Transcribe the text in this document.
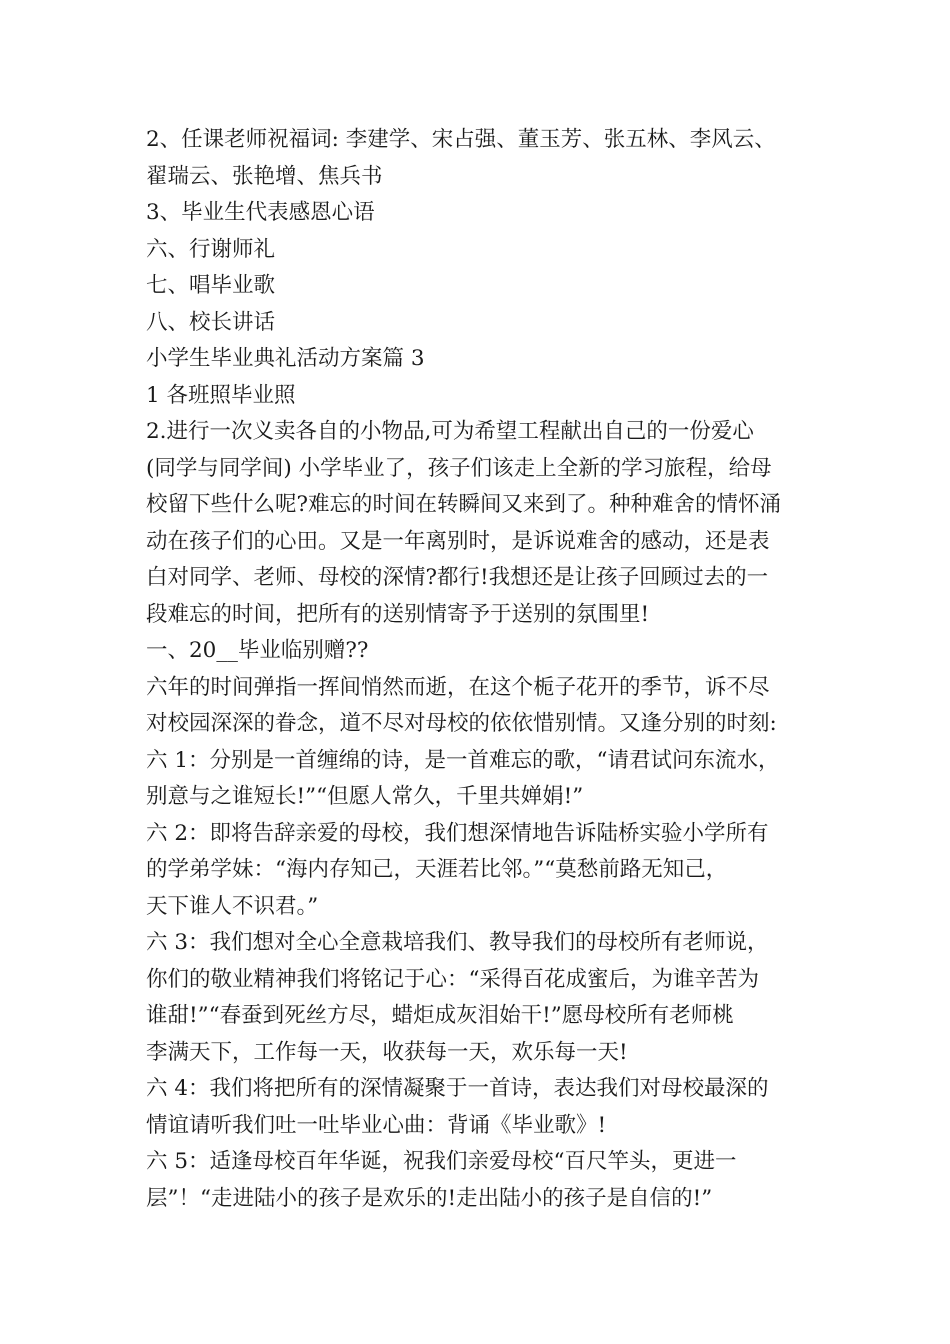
2、任课老师祝福词: 李建学、宋占强、董玉芳、张五林、李风云、
翟瑞云、张艳增、焦兵书
3、毕业生代表感恩心语
六、行谢师礼
七、唱毕业歌
八、校长讲话
小学生毕业典礼活动方案篇 3
1 各班照毕业照
2.进行一次义卖各自的小物品,可为希望工程献出自己的一份爱心
(同学与同学间) 小学毕业了，孩子们该走上全新的学习旅程，给母
校留下些什么呢?难忘的时间在转瞬间又来到了。种种难舍的情怀涌
动在孩子们的心田。又是一年离别时，是诉说难舍的感动，还是表
白对同学、老师、母校的深情?都行!我想还是让孩子回顾过去的一
段难忘的时间，把所有的送别情寄予于送别的氛围里!
一、20__毕业临别赠??
六年的时间弹指一挥间悄然而逝，在这个栀子花开的季节，诉不尽
对校园深深的眷念，道不尽对母校的依依惜别情。又逢分别的时刻:
六 1：分别是一首缠绵的诗，是一首难忘的歌，“请君试问东流水，
别意与之谁短长!”“但愿人常久，千里共婵娟!”
六 2：即将告辞亲爱的母校，我们想深情地告诉陆桥实验小学所有
的学弟学妹：“海内存知己，天涯若比邻。”“莫愁前路无知己，
天下谁人不识君。”
六 3：我们想对全心全意栽培我们、教导我们的母校所有老师说，
你们的敬业精神我们将铭记于心：“采得百花成蜜后，为谁辛苦为
谁甜!”“春蚕到死丝方尽，蜡炬成灰泪始干!”愿母校所有老师桃
李满天下，工作每一天，收获每一天，欢乐每一天!
六 4：我们将把所有的深情凝聚于一首诗，表达我们对母校最深的
情谊请听我们吐一吐毕业心曲：背诵《毕业歌》!
六 5：适逢母校百年华诞，祝我们亲爱母校“百尺竿头，更进一
层”！“走进陆小的孩子是欢乐的!走出陆小的孩子是自信的!”
